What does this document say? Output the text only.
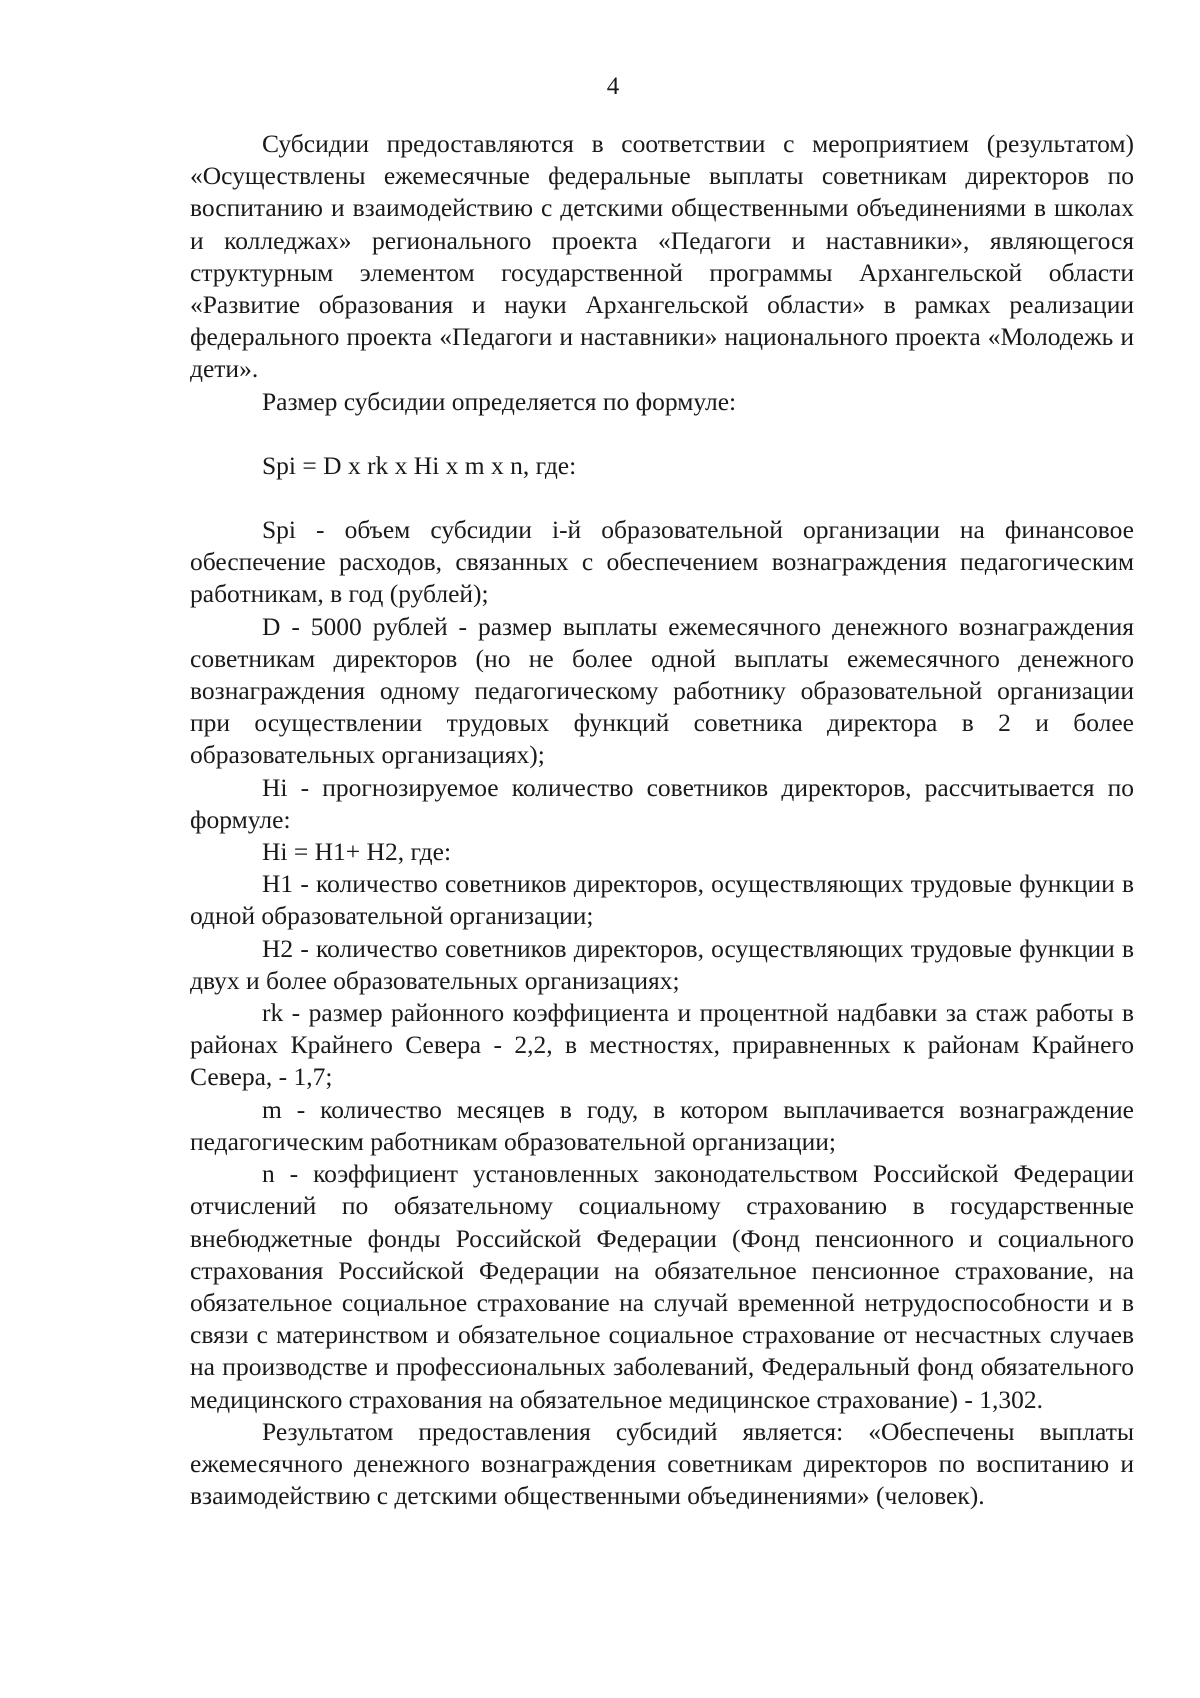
4

Субсидии предоставляются в соответствии с мероприятием (результатом) «Осуществлены ежемесячные федеральные выплаты советникам директоров по воспитанию и взаимодействию с детскими общественными объединениями в школах и колледжах» регионального проекта «Педагоги и наставники», являющегося структурным элементом государственной программы Архангельской области «Развитие образования и науки Архангельской области» в рамках реализации федерального проекта «Педагоги и наставники» национального проекта «Молодежь и дети».

Размер субсидии определяется по формуле:

Spi = D x rk x Hi x m x n, где:

Spi - объем субсидии i-й образовательной организации на финансовое обеспечение расходов, связанных с обеспечением вознаграждения педагогическим работникам, в год (рублей);

D - 5000 рублей - размер выплаты ежемесячного денежного вознаграждения советникам директоров (но не более одной выплаты ежемесячного денежного вознаграждения одному педагогическому работнику образовательной организации при осуществлении трудовых функций советника директора в 2 и более образовательных организациях);

Hi - прогнозируемое количество советников директоров, рассчитывается по формуле:

Hi = H1+ H2, где:

H1 - количество советников директоров, осуществляющих трудовые функции в одной образовательной организации;

H2 - количество советников директоров, осуществляющих трудовые функции в двух и более образовательных организациях;

rk - размер районного коэффициента и процентной надбавки за стаж работы в районах Крайнего Севера - 2,2, в местностях, приравненных к районам Крайнего Севера, - 1,7;

m - количество месяцев в году, в котором выплачивается вознаграждение педагогическим работникам образовательной организации;

n - коэффициент установленных законодательством Российской Федерации отчислений по обязательному социальному страхованию в государственные внебюджетные фонды Российской Федерации (Фонд пенсионного и социального страхования Российской Федерации на обязательное пенсионное страхование, на обязательное социальное страхование на случай временной нетрудоспособности и в связи с материнством и обязательное социальное страхование от несчастных случаев на производстве и профессиональных заболеваний, Федеральный фонд обязательного медицинского страхования на обязательное медицинское страхование) - 1,302.

Результатом предоставления субсидий является: «Обеспечены выплаты ежемесячного денежного вознаграждения советникам директоров по воспитанию и взаимодействию с детскими общественными объединениями» (человек).
